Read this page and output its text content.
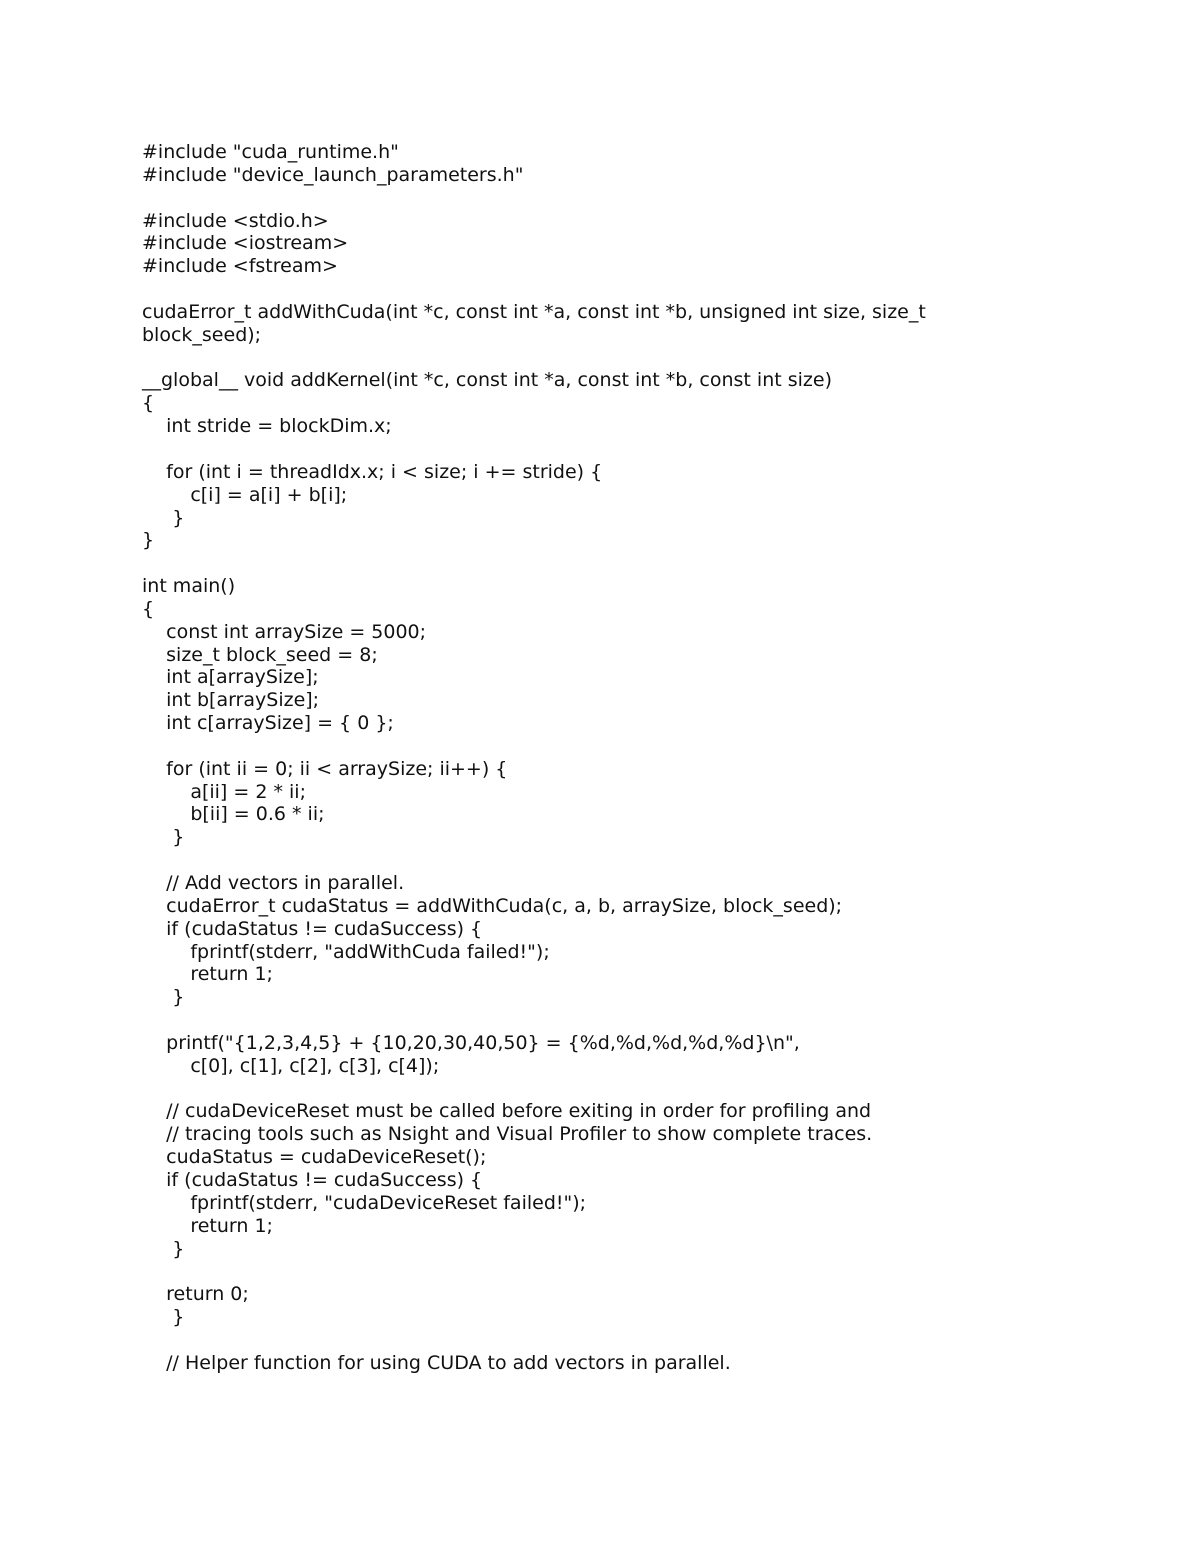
#include "cuda_runtime.h"
#include "device_launch_parameters.h"
#include <stdio.h>
#include <iostream>
#include <fstream>
cudaError_t addWithCuda(int *c, const int *a, const int *b, unsigned int size, size_t
block_seed);
__global__ void addKernel(int *c, const int *a, const int *b, const int size)
{
int stride = blockDim.x;
for (int i = threadIdx.x; i < size; i += stride) {
c[i] = a[i] + b[i];
}
}
int main()
{
const int arraySize = 5000;
size_t block_seed = 8;
int a[arraySize];
int b[arraySize];
int c[arraySize] = { 0 };
for (int ii = 0; ii < arraySize; ii++) {
a[ii] = 2 * ii;
b[ii] = 0.6 * ii;
}
// Add vectors in parallel.
cudaError_t cudaStatus = addWithCuda(c, a, b, arraySize, block_seed);
if (cudaStatus != cudaSuccess) {
fprintf(stderr, "addWithCuda failed!");
return 1;
}
printf("{1,2,3,4,5} + {10,20,30,40,50} = {%d,%d,%d,%d,%d}\n",
c[0], c[1], c[2], c[3], c[4]);
// cudaDeviceReset must be called before exiting in order for profiling and
// tracing tools such as Nsight and Visual Profiler to show complete traces.
cudaStatus = cudaDeviceReset();
if (cudaStatus != cudaSuccess) {
fprintf(stderr, "cudaDeviceReset failed!");
return 1;
}
return 0;
}
// Helper function for using CUDA to add vectors in parallel.
